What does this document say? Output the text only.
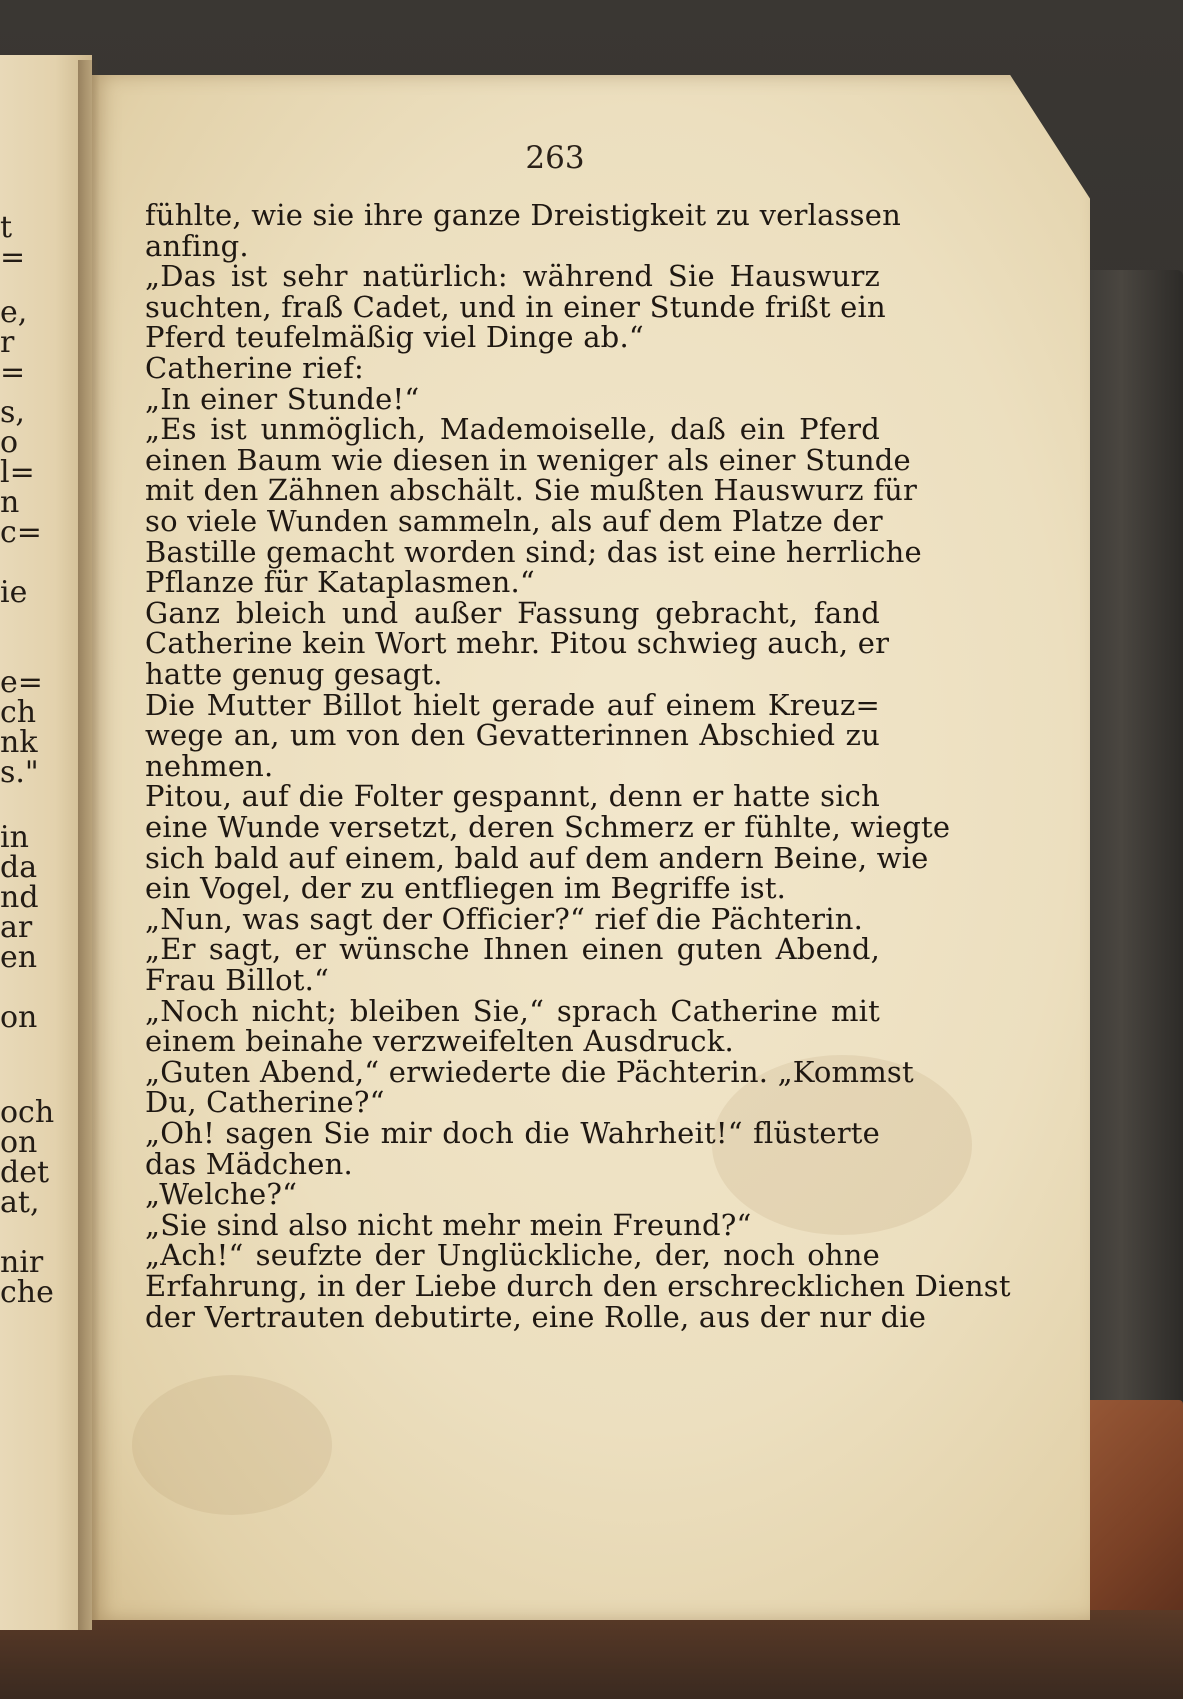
t
=
e,
r
=
s,
o
l=
n
c=
ie
e=
ch
nk
s."
in
da
nd
ar
en
on
och
on
det
at,
nir
che
263
fühlte, wie sie ihre ganze Dreistigkeit zu verlassen
anfing.
„Das ist sehr natürlich: während Sie Hauswurz
suchten, fraß Cadet, und in einer Stunde frißt ein
Pferd teufelmäßig viel Dinge ab.“
Catherine rief:
„In einer Stunde!“
„Es ist unmöglich, Mademoiselle, daß ein Pferd
einen Baum wie diesen in weniger als einer Stunde
mit den Zähnen abschält. Sie mußten Hauswurz für
so viele Wunden sammeln, als auf dem Platze der
Bastille gemacht worden sind; das ist eine herrliche
Pflanze für Kataplasmen.“
Ganz bleich und außer Fassung gebracht, fand
Catherine kein Wort mehr. Pitou schwieg auch, er
hatte genug gesagt.
Die Mutter Billot hielt gerade auf einem Kreuz=
wege an, um von den Gevatterinnen Abschied zu
nehmen.
Pitou, auf die Folter gespannt, denn er hatte sich
eine Wunde versetzt, deren Schmerz er fühlte, wiegte
sich bald auf einem, bald auf dem andern Beine, wie
ein Vogel, der zu entfliegen im Begriffe ist.
„Nun, was sagt der Officier?“ rief die Pächterin.
„Er sagt, er wünsche Ihnen einen guten Abend,
Frau Billot.“
„Noch nicht; bleiben Sie,“ sprach Catherine mit
einem beinahe verzweifelten Ausdruck.
„Guten Abend,“ erwiederte die Pächterin. „Kommst
Du, Catherine?“
„Oh! sagen Sie mir doch die Wahrheit!“ flüsterte
das Mädchen.
„Welche?“
„Sie sind also nicht mehr mein Freund?“
„Ach!“ seufzte der Unglückliche, der, noch ohne
Erfahrung, in der Liebe durch den erschrecklichen Dienst
der Vertrauten debutirte, eine Rolle, aus der nur die
